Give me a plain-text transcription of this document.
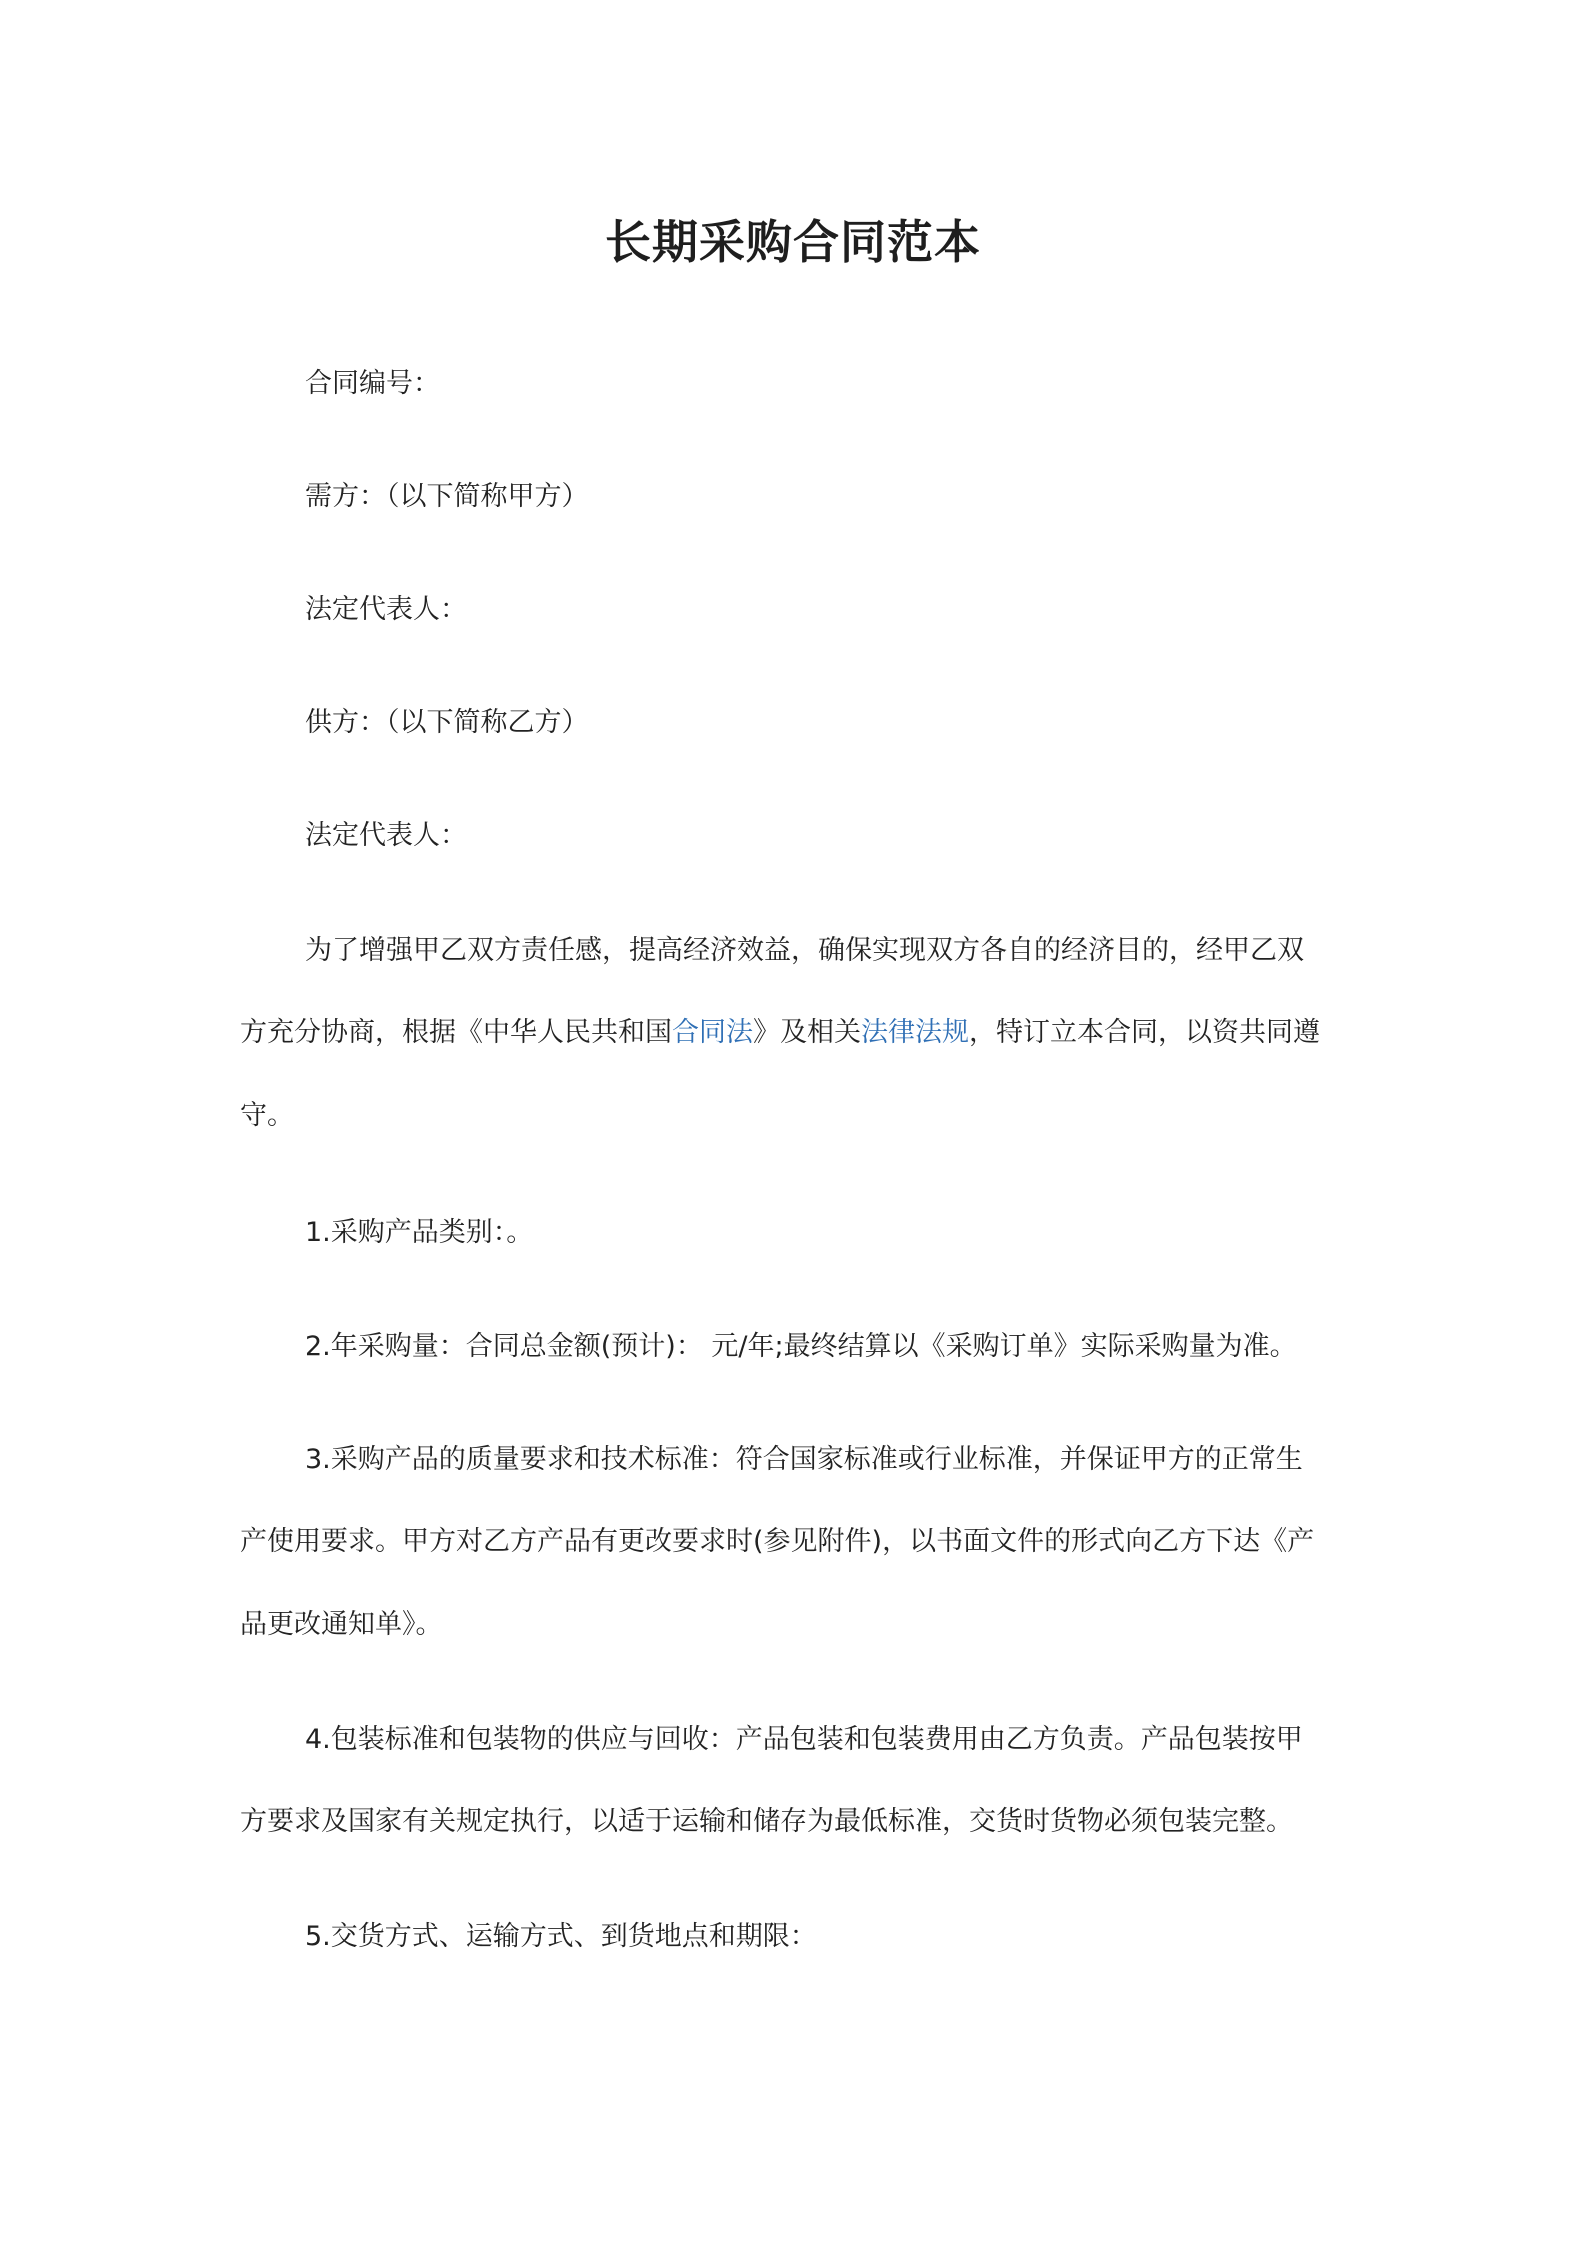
长期采购合同范本
合同编号：
需方：（以下简称甲方）
法定代表人：
供方：（以下简称乙方）
法定代表人：
为了增强甲乙双方责任感，提高经济效益，确保实现双方各自的经济目的，经甲乙双
方充分协商，根据《中华人民共和国合同法》及相关法律法规，特订立本合同，以资共同遵
守。
1.采购产品类别：。
2.年采购量：合同总金额(预计)： 元/年;最终结算以《采购订单》实际采购量为准。
3.采购产品的质量要求和技术标准：符合国家标准或行业标准，并保证甲方的正常生
产使用要求。甲方对乙方产品有更改要求时(参见附件)，以书面文件的形式向乙方下达《产
品更改通知单》。
4.包装标准和包装物的供应与回收：产品包装和包装费用由乙方负责。产品包装按甲
方要求及国家有关规定执行，以适于运输和储存为最低标准，交货时货物必须包装完整。
5.交货方式、运输方式、到货地点和期限：
